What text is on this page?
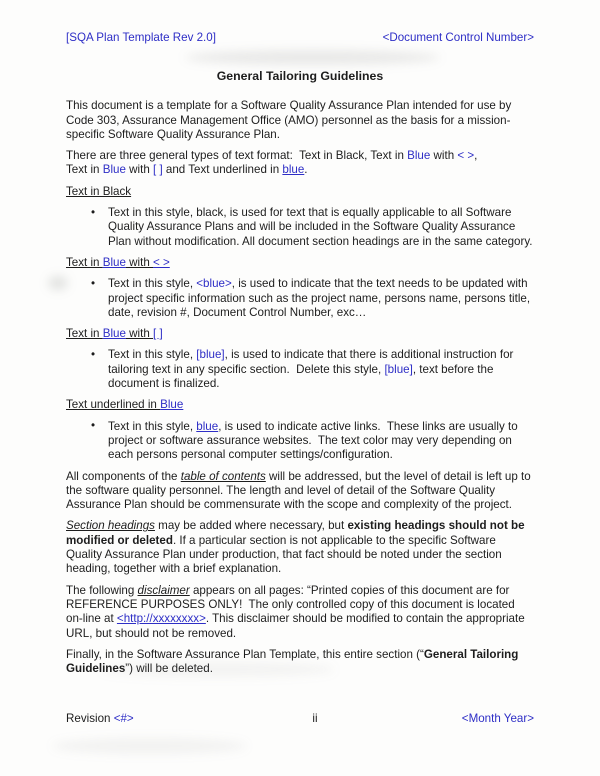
[SQA Plan Template Rev 2.0]	<Document Control Number>
General Tailoring Guidelines

This document is a template for a Software Quality Assurance Plan intended for use by Code 303, Assurance Management Office (AMO) personnel as the basis for a mission-specific Software Quality Assurance Plan.

There are three general types of text format:  Text in Black, Text in Blue with < >,
Text in Blue with [ ] and Text underlined in blue.

Text in Black
• Text in this style, black, is used for text that is equally applicable to all Software Quality Assurance Plans and will be included in the Software Quality Assurance Plan without modification. All document section headings are in the same category.
Text in Blue with < >
• Text in this style, <blue>, is used to indicate that the text needs to be updated with project specific information such as the project name, persons name, persons title, date, revision #, Document Control Number, exc…
Text in Blue with [ ]
• Text in this style, [blue], is used to indicate that there is additional instruction for tailoring text in any specific section.  Delete this style, [blue], text before the document is finalized.
Text underlined in Blue
• Text in this style, blue, is used to indicate active links.  These links are usually to project or software assurance websites.  The text color may very depending on each persons personal computer settings/configuration.

All components of the table of contents will be addressed, but the level of detail is left up to the software quality personnel. The length and level of detail of the Software Quality Assurance Plan should be commensurate with the scope and complexity of the project.

Section headings may be added where necessary, but existing headings should not be modified or deleted. If a particular section is not applicable to the specific Software Quality Assurance Plan under production, that fact should be noted under the section heading, together with a brief explanation.

The following disclaimer appears on all pages: “Printed copies of this document are for REFERENCE PURPOSES ONLY!  The only controlled copy of this document is located on-line at <http://xxxxxxxx>. This disclaimer should be modified to contain the appropriate URL, but should not be removed.

Finally, in the Software Assurance Plan Template, this entire section (“General Tailoring Guidelines”) will be deleted.

Revision <#>	ii	<Month Year>
